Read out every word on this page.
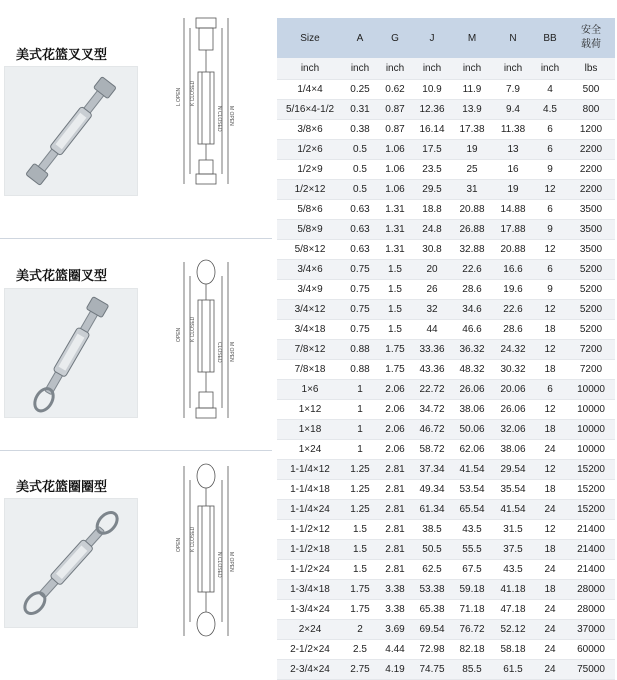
美式花篮叉叉型
L OPEN K CLOSED
M OPEN
N CLOSED
美式花篮圈叉型
OPEN K CLOSED
M OPEN
CLOSED
美式花篮圈圈型
OPEN K CLOSED
M OPEN
N CLOSED
Size	A	G	J	M	N	BB	安全载荷

inch	inch	inch	inch	inch	inch	inch	lbs
1/4×4	0.25	0.62	10.9	11.9	7.9	4	500
5/16×4-1/2	0.31	0.87	12.36	13.9	9.4	4.5	800
3/8×6	0.38	0.87	16.14	17.38	11.38	6	1200
1/2×6	0.5	1.06	17.5	19	13	6	2200
1/2×9	0.5	1.06	23.5	25	16	9	2200
1/2×12	0.5	1.06	29.5	31	19	12	2200
5/8×6	0.63	1.31	18.8	20.88	14.88	6	3500
5/8×9	0.63	1.31	24.8	26.88	17.88	9	3500
5/8×12	0.63	1.31	30.8	32.88	20.88	12	3500
3/4×6	0.75	1.5	20	22.6	16.6	6	5200
3/4×9	0.75	1.5	26	28.6	19.6	9	5200
3/4×12	0.75	1.5	32	34.6	22.6	12	5200
3/4×18	0.75	1.5	44	46.6	28.6	18	5200
7/8×12	0.88	1.75	33.36	36.32	24.32	12	7200
7/8×18	0.88	1.75	43.36	48.32	30.32	18	7200
1×6	1	2.06	22.72	26.06	20.06	6	10000
1×12	1	2.06	34.72	38.06	26.06	12	10000
1×18	1	2.06	46.72	50.06	32.06	18	10000
1×24	1	2.06	58.72	62.06	38.06	24	10000
1-1/4×12	1.25	2.81	37.34	41.54	29.54	12	15200
1-1/4×18	1.25	2.81	49.34	53.54	35.54	18	15200
1-1/4×24	1.25	2.81	61.34	65.54	41.54	24	15200
1-1/2×12	1.5	2.81	38.5	43.5	31.5	12	21400
1-1/2×18	1.5	2.81	50.5	55.5	37.5	18	21400
1-1/2×24	1.5	2.81	62.5	67.5	43.5	24	21400
1-3/4×18	1.75	3.38	53.38	59.18	41.18	18	28000
1-3/4×24	1.75	3.38	65.38	71.18	47.18	24	28000
2×24	2	3.69	69.54	76.72	52.12	24	37000
2-1/2×24	2.5	4.44	72.98	82.18	58.18	24	60000
2-3/4×24	2.75	4.19	74.75	85.5	61.5	24	75000
